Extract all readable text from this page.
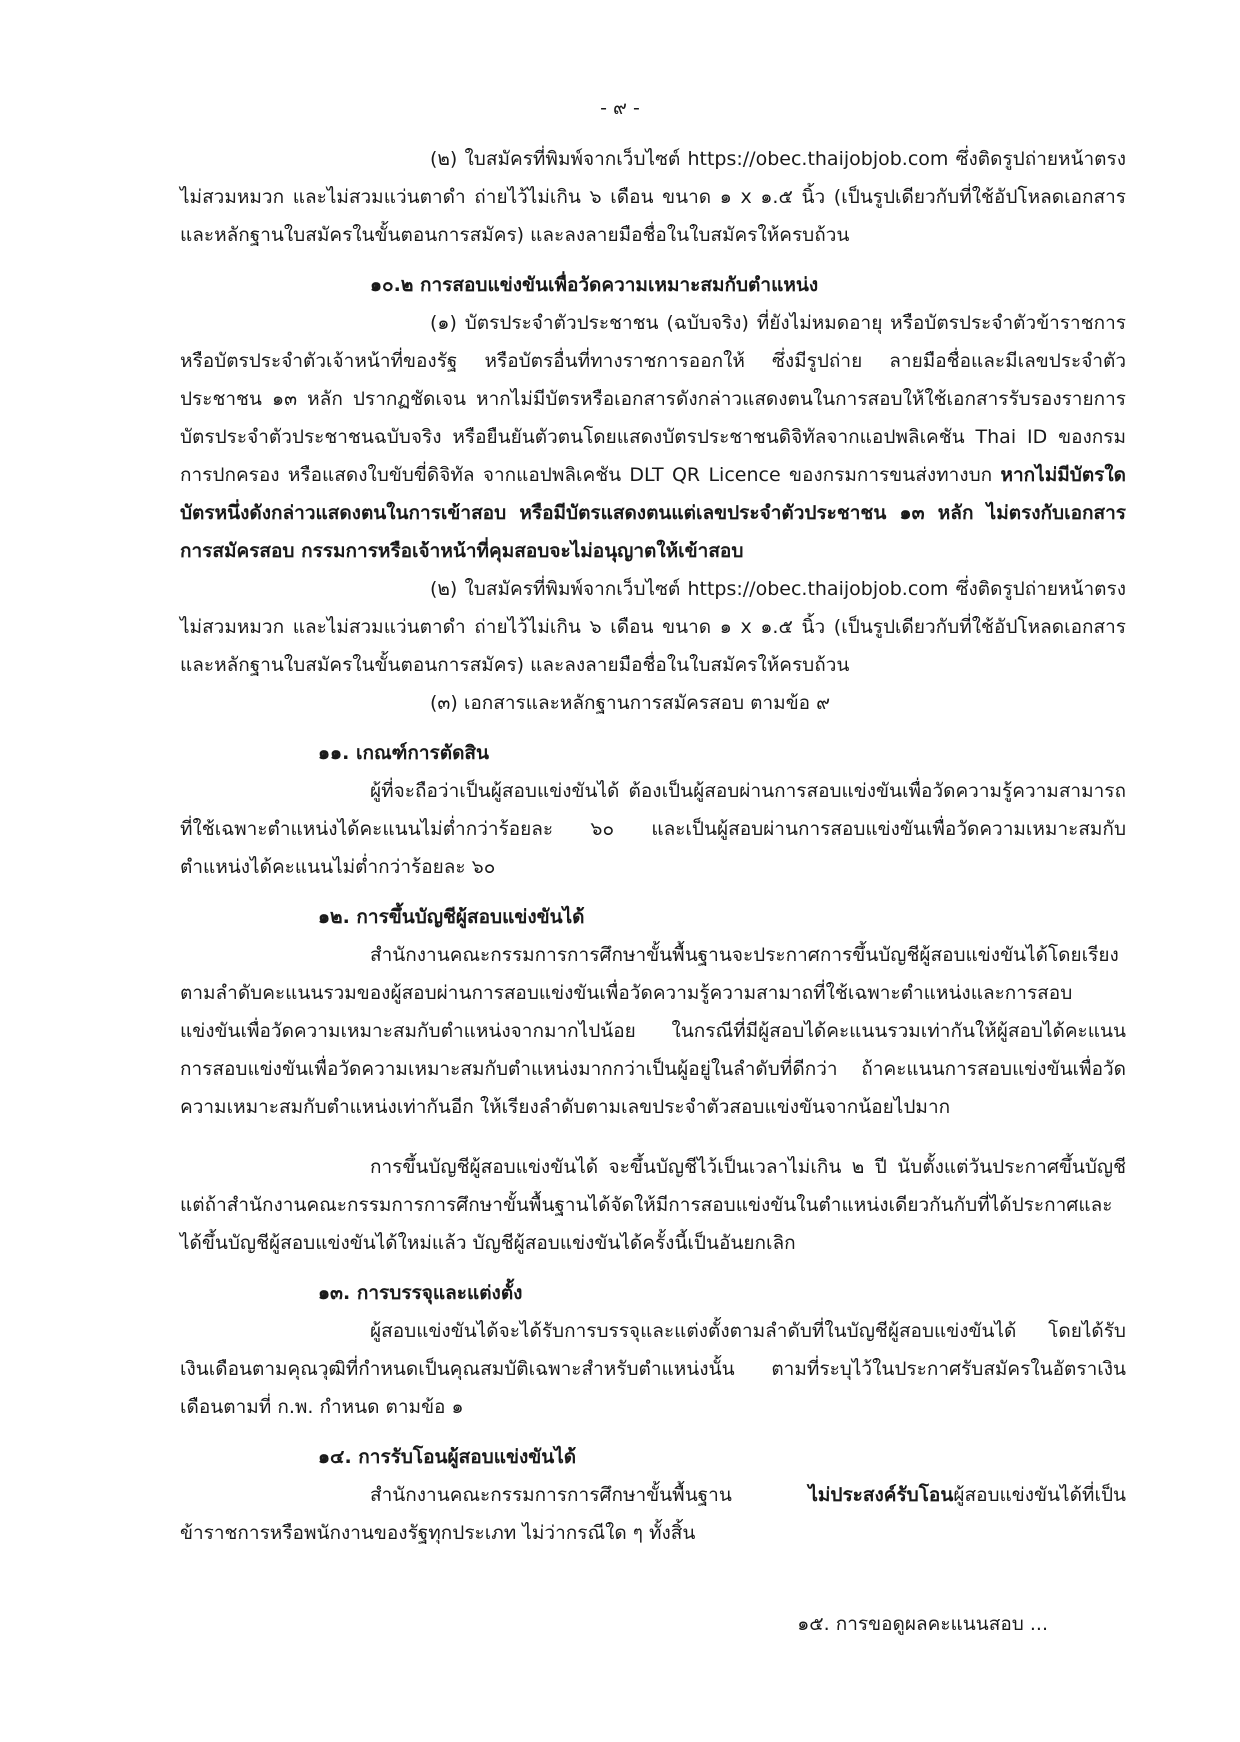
- ๙ -

(๒) ใบสมัครที่พิมพ์จากเว็บไซต์ https://obec.thaijobjob.com ซึ่งติดรูปถ่ายหน้าตรง ไม่สวมหมวก และไม่สวมแว่นตาดำ ถ่ายไว้ไม่เกิน ๖ เดือน ขนาด ๑ x ๑.๕ นิ้ว (เป็นรูปเดียวกับที่ใช้อัปโหลดเอกสารและหลักฐานใบสมัครในขั้นตอนการสมัคร) และลงลายมือชื่อในใบสมัครให้ครบถ้วน

๑๐.๒ การสอบแข่งขันเพื่อวัดความเหมาะสมกับตำแหน่ง

(๑) บัตรประจำตัวประชาชน (ฉบับจริง) ที่ยังไม่หมดอายุ หรือบัตรประจำตัวข้าราชการหรือบัตรประจำตัวเจ้าหน้าที่ของรัฐ หรือบัตรอื่นที่ทางราชการออกให้ ซึ่งมีรูปถ่าย ลายมือชื่อและมีเลขประจำตัวประชาชน ๑๓ หลัก ปรากฏชัดเจน หากไม่มีบัตรหรือเอกสารดังกล่าวแสดงตนในการสอบให้ใช้เอกสารรับรองรายการบัตรประจำตัวประชาชนฉบับจริง หรือยืนยันตัวตนโดยแสดงบัตรประชาชนดิจิทัลจากแอปพลิเคชัน Thai ID ของกรมการปกครอง หรือแสดงใบขับขี่ดิจิทัล จากแอปพลิเคชัน DLT QR Licence ของกรมการขนส่งทางบก หากไม่มีบัตรใดบัตรหนึ่งดังกล่าวแสดงตนในการเข้าสอบ หรือมีบัตรแสดงตนแต่เลขประจำตัวประชาชน ๑๓ หลัก ไม่ตรงกับเอกสารการสมัครสอบ กรรมการหรือเจ้าหน้าที่คุมสอบจะไม่อนุญาตให้เข้าสอบ

(๒) ใบสมัครที่พิมพ์จากเว็บไซต์ https://obec.thaijobjob.com ซึ่งติดรูปถ่ายหน้าตรง ไม่สวมหมวก และไม่สวมแว่นตาดำ ถ่ายไว้ไม่เกิน ๖ เดือน ขนาด ๑ x ๑.๕ นิ้ว (เป็นรูปเดียวกับที่ใช้อัปโหลดเอกสารและหลักฐานใบสมัครในขั้นตอนการสมัคร) และลงลายมือชื่อในใบสมัครให้ครบถ้วน

(๓) เอกสารและหลักฐานการสมัครสอบ ตามข้อ ๙

๑๑. เกณฑ์การตัดสิน

ผู้ที่จะถือว่าเป็นผู้สอบแข่งขันได้ ต้องเป็นผู้สอบผ่านการสอบแข่งขันเพื่อวัดความรู้ความสามารถที่ใช้เฉพาะตำแหน่งได้คะแนนไม่ต่ำกว่าร้อยละ ๖๐ และเป็นผู้สอบผ่านการสอบแข่งขันเพื่อวัดความเหมาะสมกับตำแหน่งได้คะแนนไม่ต่ำกว่าร้อยละ ๖๐

๑๒. การขึ้นบัญชีผู้สอบแข่งขันได้

สำนักงานคณะกรรมการการศึกษาขั้นพื้นฐานจะประกาศการขึ้นบัญชีผู้สอบแข่งขันได้โดยเรียงตามลำดับคะแนนรวมของผู้สอบผ่านการสอบแข่งขันเพื่อวัดความรู้ความสามาถที่ใช้เฉพาะตำแหน่งและการสอบแข่งขันเพื่อวัดความเหมาะสมกับตำแหน่งจากมากไปน้อย ในกรณีที่มีผู้สอบได้คะแนนรวมเท่ากันให้ผู้สอบได้คะแนนการสอบแข่งขันเพื่อวัดความเหมาะสมกับตำแหน่งมากกว่าเป็นผู้อยู่ในลำดับที่ดีกว่า ถ้าคะแนนการสอบแข่งขันเพื่อวัดความเหมาะสมกับตำแหน่งเท่ากันอีก ให้เรียงลำดับตามเลขประจำตัวสอบแข่งขันจากน้อยไปมาก

การขึ้นบัญชีผู้สอบแข่งขันได้ จะขึ้นบัญชีไว้เป็นเวลาไม่เกิน ๒ ปี นับตั้งแต่วันประกาศขึ้นบัญชี แต่ถ้าสำนักงานคณะกรรมการการศึกษาขั้นพื้นฐานได้จัดให้มีการสอบแข่งขันในตำแหน่งเดียวกันกับที่ได้ประกาศและได้ขึ้นบัญชีผู้สอบแข่งขันได้ใหม่แล้ว บัญชีผู้สอบแข่งขันได้ครั้งนี้เป็นอันยกเลิก

๑๓. การบรรจุและแต่งตั้ง

ผู้สอบแข่งขันได้จะได้รับการบรรจุและแต่งตั้งตามลำดับที่ในบัญชีผู้สอบแข่งขันได้ โดยได้รับเงินเดือนตามคุณวุฒิที่กำหนดเป็นคุณสมบัติเฉพาะสำหรับตำแหน่งนั้น ตามที่ระบุไว้ในประกาศรับสมัครในอัตราเงินเดือนตามที่ ก.พ. กำหนด ตามข้อ ๑

๑๔. การรับโอนผู้สอบแข่งขันได้

สำนักงานคณะกรรมการการศึกษาขั้นพื้นฐาน ไม่ประสงค์รับโอนผู้สอบแข่งขันได้ที่เป็นข้าราชการหรือพนักงานของรัฐทุกประเภท ไม่ว่ากรณีใด ๆ ทั้งสิ้น

๑๕. การขอดูผลคะแนนสอบ ...
